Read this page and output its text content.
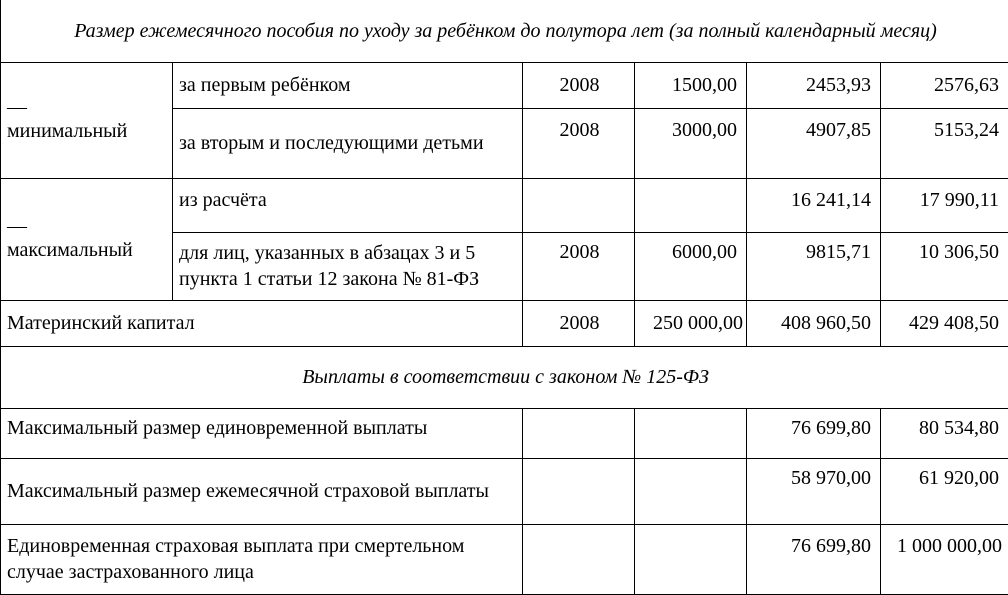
Размер ежемесячного пособия по уходу за ребёнком до полутора лет (за полный календарный месяц)					

—
минимальный	за первым ребёнком	2008	1500,00	2453,93	2576,63
	за вторым и последующими детьми	2008	3000,00	4907,85	5153,24

—
максимальный	из расчёта			16 241,14	17 990,11
	для лиц, указанных в абзацах 3 и 5 пункта 1 статьи 12 закона № 81-ФЗ	2008	6000,00	9815,71	10 306,50
Материнский капитал		2008	250 000,00	408 960,50	429 408,50
Выплаты в соответствии с законом № 125-ФЗ					
Максимальный размер единовременной выплаты				76 699,80	80 534,80
Максимальный размер ежемесячной страховой выплаты				58 970,00	61 920,00
Единовременная страховая выплата при смертельном случае застрахованного лица				76 699,80	1 000 000,00
